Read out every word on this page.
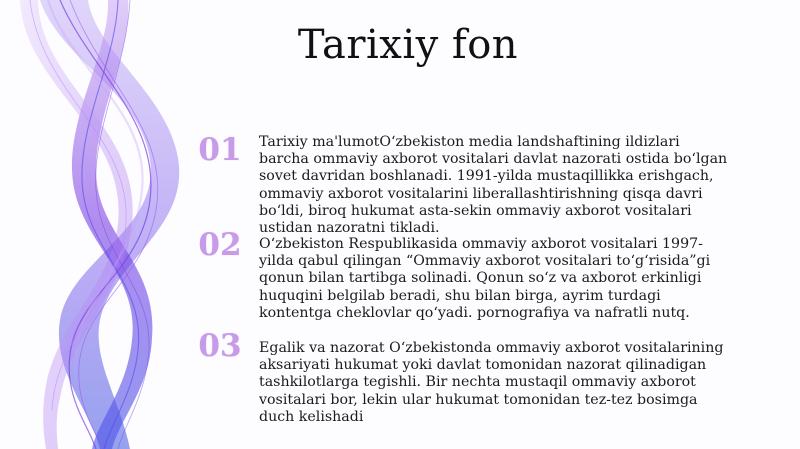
Tarixiy fon
01 Tarixiy ma'lumotO‘zbekiston media landshaftining ildizlari barcha ommaviy axborot vositalari davlat nazorati ostida bo‘lgan sovet davridan boshlanadi. 1991-yilda mustaqillikka erishgach, ommaviy axborot vositalarini liberallashtirishning qisqa davri bo‘ldi, biroq hukumat asta-sekin ommaviy axborot vositalari ustidan nazoratni tikladi.
02 O‘zbekiston Respublikasida ommaviy axborot vositalari 1997-yilda qabul qilingan “Ommaviy axborot vositalari to‘g‘risida”gi qonun bilan tartibga solinadi. Qonun so‘z va axborot erkinligi huquqini belgilab beradi, shu bilan birga, ayrim turdagi kontentga cheklovlar qo‘yadi. pornografiya va nafratli nutq.
03 Egalik va nazorat O‘zbekistonda ommaviy axborot vositalarining aksariyati hukumat yoki davlat tomonidan nazorat qilinadigan tashkilotlarga tegishli. Bir nechta mustaqil ommaviy axborot vositalari bor, lekin ular hukumat tomonidan tez-tez bosimga duch kelishadi
